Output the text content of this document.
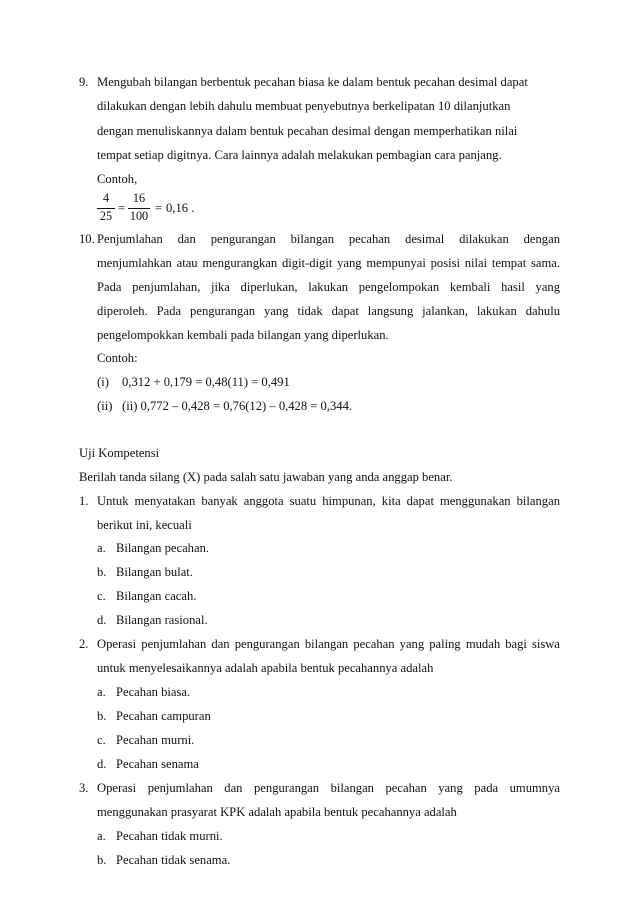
9. Mengubah bilangan berbentuk pecahan biasa ke dalam bentuk pecahan desimal dapat
dilakukan dengan lebih dahulu membuat penyebutnya berkelipatan 10 dilanjutkan
dengan menuliskannya dalam bentuk pecahan desimal dengan memperhatikan nilai
tempat setiap digitnya. Cara lainnya adalah melakukan pembagian cara panjang.
Contoh,
4
25
=
16
100
= 0,16 .
10. Penjumlahan dan pengurangan bilangan pecahan desimal dilakukan dengan
menjumlahkan atau mengurangkan digit-digit yang mempunyai posisi nilai tempat sama.
Pada penjumlahan, jika diperlukan, lakukan pengelompokan kembali hasil yang
diperoleh. Pada pengurangan yang tidak dapat langsung jalankan, lakukan dahulu
pengelompokkan kembali pada bilangan yang diperlukan.
Contoh:
(i) 0,312 + 0,179 = 0,48(11) = 0,491
(ii) (ii) 0,772 – 0,428 = 0,76(12) – 0,428 = 0,344.
Uji Kompetensi
Berilah tanda silang (X) pada salah satu jawaban yang anda anggap benar.
1. Untuk menyatakan banyak anggota suatu himpunan, kita dapat menggunakan bilangan
berikut ini, kecuali
a. Bilangan pecahan.
b. Bilangan bulat.
c. Bilangan cacah.
d. Bilangan rasional.
2. Operasi penjumlahan dan pengurangan bilangan pecahan yang paling mudah bagi siswa
untuk menyelesaikannya adalah apabila bentuk pecahannya adalah
a. Pecahan biasa.
b. Pecahan campuran
c. Pecahan murni.
d. Pecahan senama
3. Operasi penjumlahan dan pengurangan bilangan pecahan yang pada umumnya
menggunakan prasyarat KPK adalah apabila bentuk pecahannya adalah
a. Pecahan tidak murni.
b. Pecahan tidak senama.
